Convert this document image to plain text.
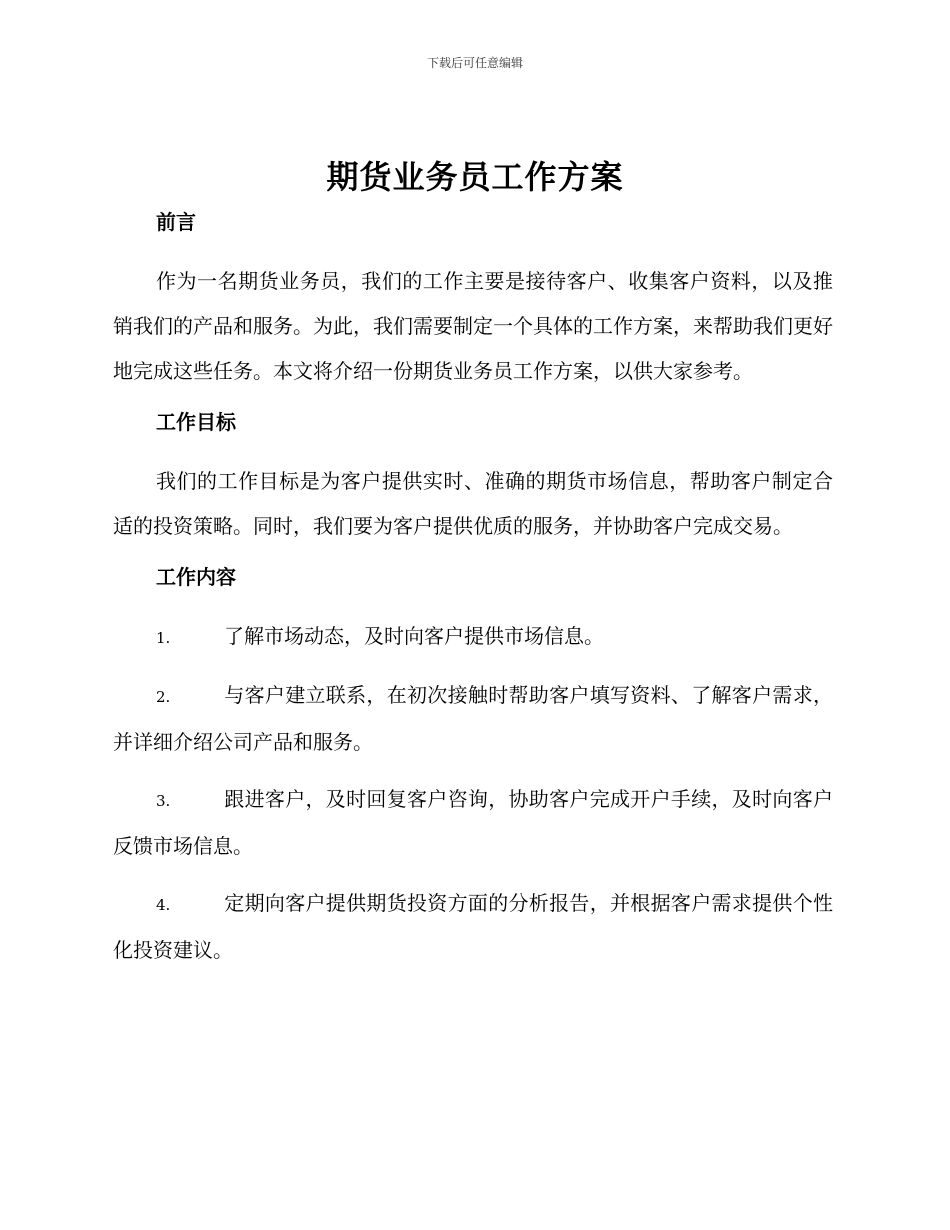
下载后可任意编辑
期货业务员工作方案
前言

作为一名期货业务员，我们的工作主要是接待客户、收集客户资料，以及推销我们的产品和服务。为此，我们需要制定一个具体的工作方案，来帮助我们更好地完成这些任务。本文将介绍一份期货业务员工作方案，以供大家参考。

工作目标

我们的工作目标是为客户提供实时、准确的期货市场信息，帮助客户制定合适的投资策略。同时，我们要为客户提供优质的服务，并协助客户完成交易。

工作内容

1.	了解市场动态，及时向客户提供市场信息。

2.	与客户建立联系，在初次接触时帮助客户填写资料、了解客户需求，并详细介绍公司产品和服务。

3.	跟进客户，及时回复客户咨询，协助客户完成开户手续，及时向客户反馈市场信息。

4.	定期向客户提供期货投资方面的分析报告，并根据客户需求提供个性化投资建议。
